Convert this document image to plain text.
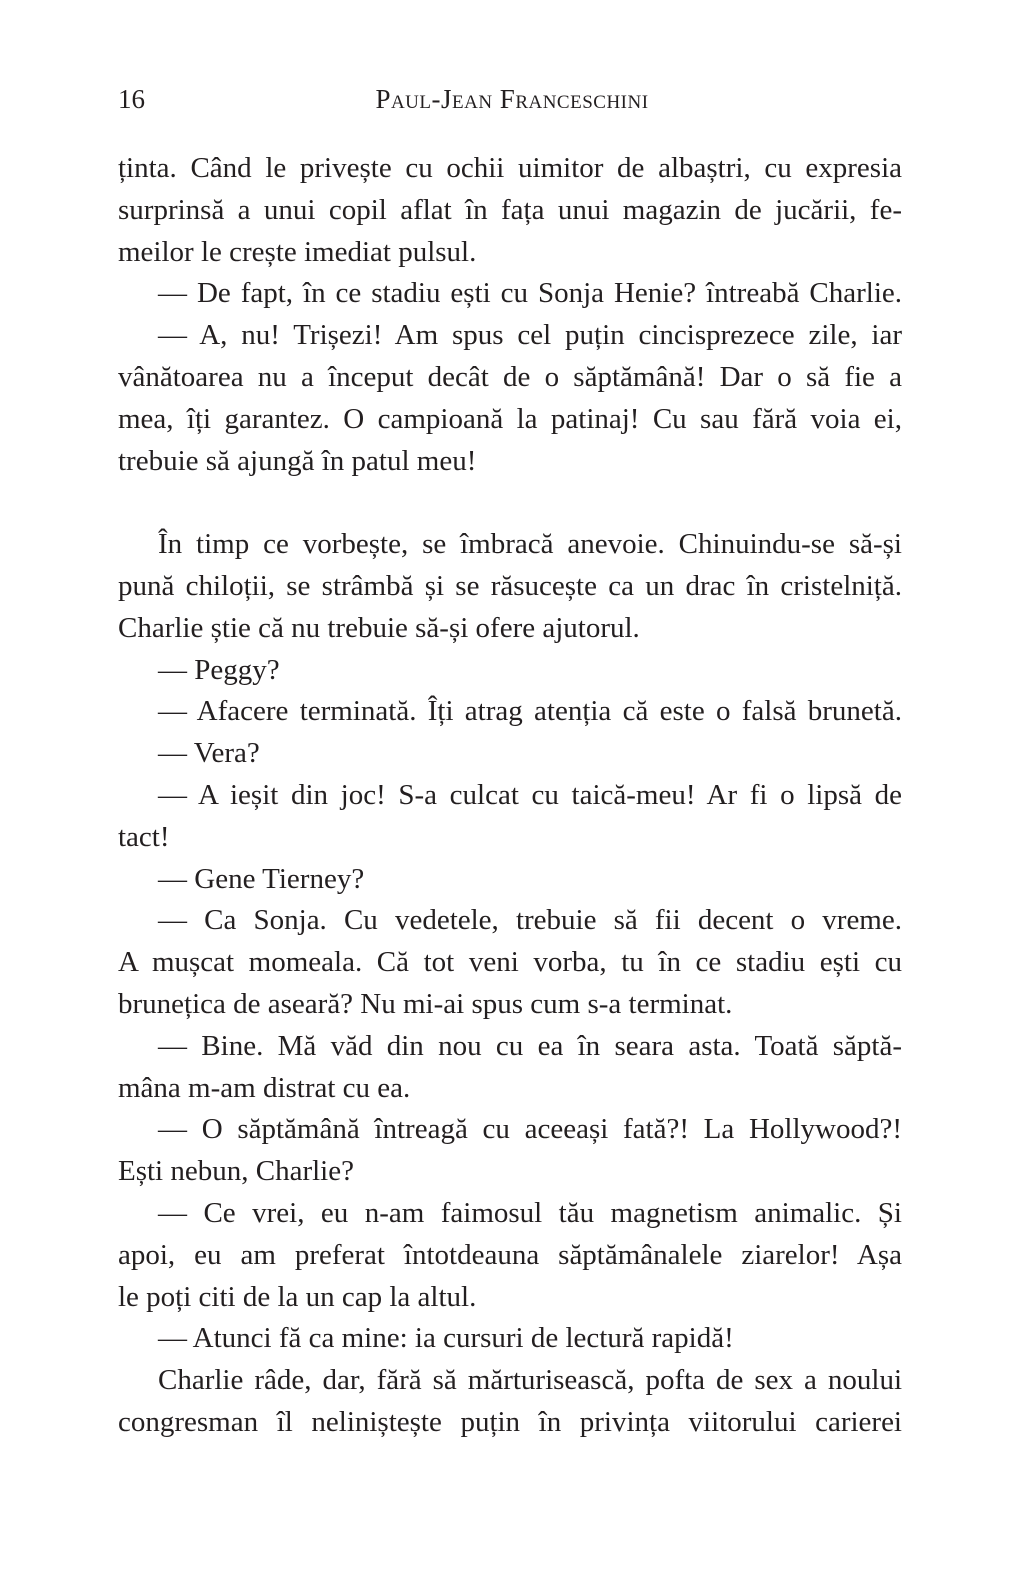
16	Paul-Jean Franceschini
ținta. Când le privește cu ochii uimitor de albaștri, cu expresia
surprinsă a unui copil aflat în fața unui magazin de jucării, fe-
meilor le crește imediat pulsul.
— De fapt, în ce stadiu ești cu Sonja Henie? întreabă Charlie.
— A, nu! Trișezi! Am spus cel puțin cincisprezece zile, iar
vânătoarea nu a început decât de o săptămână! Dar o să fie a
mea, îți garantez. O campioană la patinaj! Cu sau fără voia ei,
trebuie să ajungă în patul meu!
În timp ce vorbește, se îmbracă anevoie. Chinuindu-se să-și
pună chiloții, se strâmbă și se răsucește ca un drac în cristelniță.
Charlie știe că nu trebuie să-și ofere ajutorul.
— Peggy?
— Afacere terminată. Îți atrag atenția că este o falsă brunetă.
— Vera?
— A ieșit din joc! S-a culcat cu taică-meu! Ar fi o lipsă de
tact!
— Gene Tierney?
— Ca Sonja. Cu vedetele, trebuie să fii decent o vreme.
A mușcat momeala. Că tot veni vorba, tu în ce stadiu ești cu
brunețica de aseară? Nu mi-ai spus cum s-a terminat.
— Bine. Mă văd din nou cu ea în seara asta. Toată săptă-
mâna m-am distrat cu ea.
— O săptămână întreagă cu aceeași fată?! La Hollywood?!
Ești nebun, Charlie?
— Ce vrei, eu n-am faimosul tău magnetism animalic. Și
apoi, eu am preferat întotdeauna săptămânalele ziarelor! Așa
le poți citi de la un cap la altul.
— Atunci fă ca mine: ia cursuri de lectură rapidă!
Charlie râde, dar, fără să mărturisească, pofta de sex a noului
congresman îl neliniștește puțin în privința viitorului carierei
